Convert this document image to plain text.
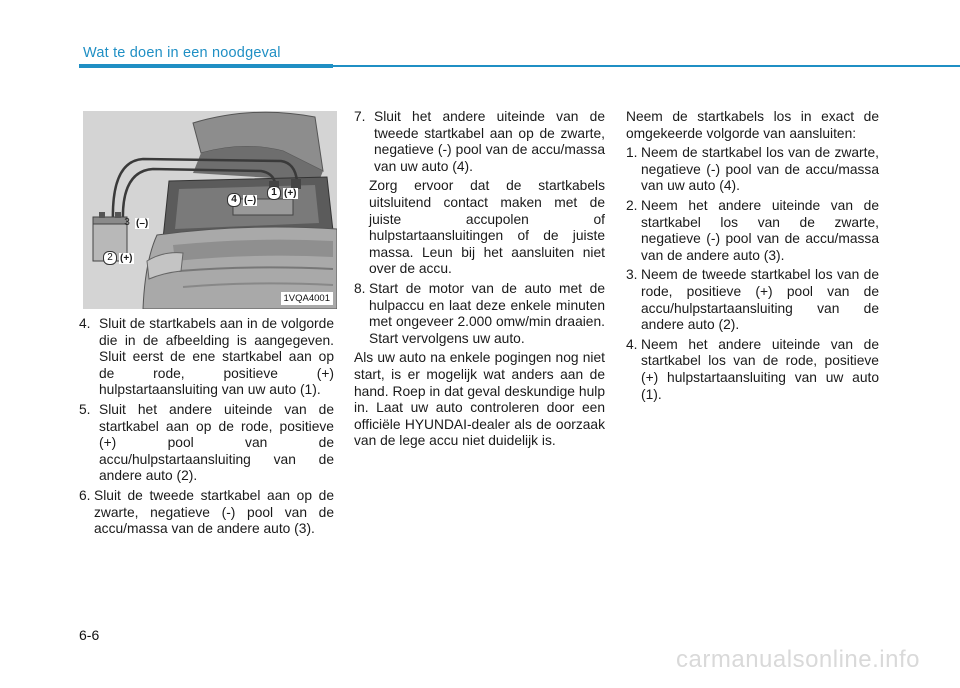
Wat te doen in een noodgeval
1 (+)
4 (–)
3 (–)
2 (+)
1VQA4001
4. Sluit de startkabels aan in de volgorde die in de afbeelding is aangegeven. Sluit eerst de ene startkabel aan op de rode, positieve (+) hulpstartaansluiting van uw auto (1).
5. Sluit het andere uiteinde van de startkabel aan op de rode, positieve (+) pool van de accu/hulpstartaansluiting van de andere auto (2).
6. Sluit de tweede startkabel aan op de zwarte, negatieve (-) pool van de accu/massa van de andere auto (3).
7. Sluit het andere uiteinde van de tweede startkabel aan op de zwarte, negatieve (-) pool van de accu/massa van uw auto (4).
Zorg ervoor dat de startkabels uitsluitend contact maken met de juiste accupolen of hulpstartaansluitingen of de juiste massa. Leun bij het aansluiten niet over de accu.
8. Start de motor van de auto met de hulpaccu en laat deze enkele minuten met ongeveer 2.000 omw/min draaien. Start vervolgens uw auto.
Als uw auto na enkele pogingen nog niet start, is er mogelijk wat anders aan de hand. Roep in dat geval deskundige hulp in. Laat uw auto controleren door een officiële HYUNDAI-dealer als de oorzaak van de lege accu niet duidelijk is.
Neem de startkabels los in exact de omgekeerde volgorde van aansluiten:
1. Neem de startkabel los van de zwarte, negatieve (-) pool van de accu/massa van uw auto (4).
2. Neem het andere uiteinde van de startkabel los van de zwarte, negatieve (-) pool van de accu/massa van de andere auto (3).
3. Neem de tweede startkabel los van de rode, positieve (+) pool van de accu/hulpstartaansluiting van de andere auto (2).
4. Neem het andere uiteinde van de startkabel los van de rode, positieve (+) hulpstartaansluiting van uw auto (1).
6-6
carmanualsonline.info
